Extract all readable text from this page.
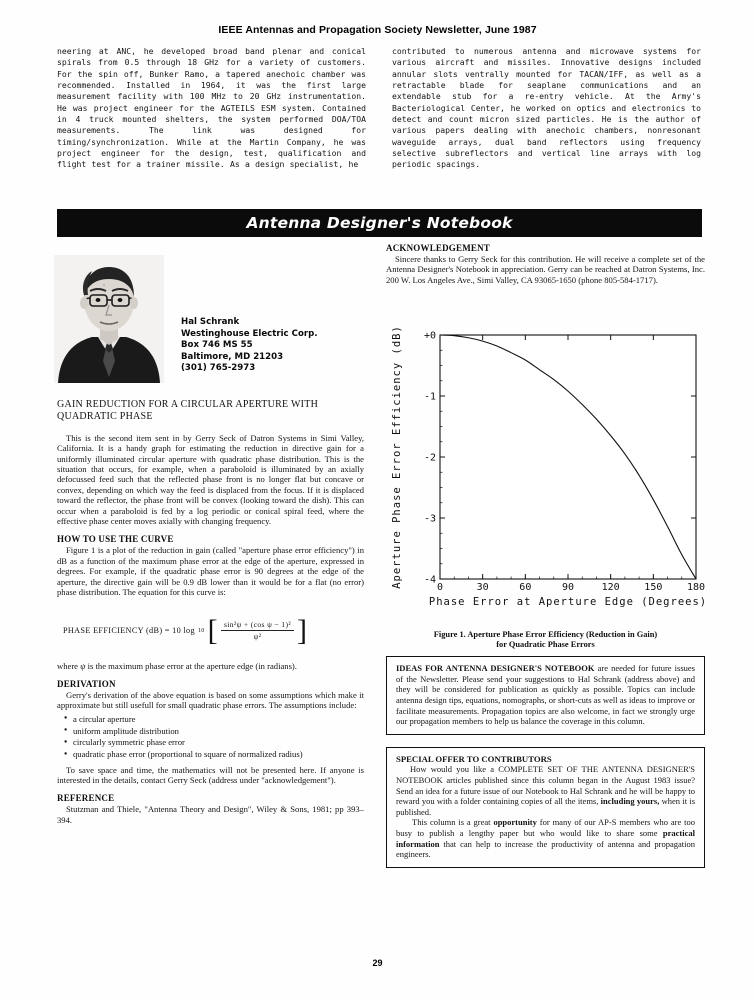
IEEE Antennas and Propagation Society Newsletter, June 1987
neering at ANC, he developed broad band plenar and conical spirals from 0.5 through 18 GHz for a variety of customers. For the spin off, Bunker Ramo, a tapered anechoic chamber was recommended. Installed in 1964, it was the first large measurement facility with 100 MHz to 20 GHz instrumentation. He was project engineer for the AGTEILS ESM system. Contained in 4 truck mounted shelters, the system performed DOA/TOA measurements. The link was designed for timing/synchronization. While at the Martin Company, he was project engineer for the design, test, qualification and flight test for a trainer missile. As a design specialist, he
contributed to numerous antenna and microwave systems for various aircraft and missiles. Innovative designs included annular slots ventrally mounted for TACAN/IFF, as well as a retractable blade for seaplane communications and an extendable stub for a re-entry vehicle. At the Army's Bacteriological Center, he worked on optics and electronics to detect and count micron sized particles. He is the author of various papers dealing with anechoic chambers, nonresonant waveguide arrays, dual band reflectors using frequency selective subreflectors and vertical line arrays with log periodic spacings.
Antenna Designer's Notebook
Hal Schrank
Westinghouse Electric Corp.
Box 746 MS 55
Baltimore, MD 21203
(301) 765-2973
GAIN REDUCTION FOR A CIRCULAR APERTURE WITH
QUADRATIC PHASE

This is the second item sent in by Gerry Seck of Datron Systems in Simi Valley, California. It is a handy graph for estimating the reduction in directive gain for a uniformly illuminated circular aperture with quadratic phase distribution. This is the situation that occurs, for example, when a paraboloid is illuminated by an axially defocussed feed such that the reflected phase front is no longer flat but concave or convex, depending on which way the feed is displaced from the focus. If it is displaced toward the reflector, the phase front will be convex (looking toward the dish). This can occur when a paraboloid is fed by a log periodic or conical spiral feed, where the effective phase center moves axially with changing frequency.

HOW TO USE THE CURVE

Figure 1 is a plot of the reduction in gain (called "aperture phase error efficiency") in dB as a function of the maximum phase error at the edge of the aperture, expressed in degrees. For example, if the quadratic phase error is 90 degrees at the edge of the aperture, the directive gain will be 0.9 dB lower than it would be for a flat (no error) phase distribution. The equation for this curve is:

PHASE EFFICIENCY (dB) = 10 log 10 [ $\frac{\text{sin²ψ + (cos ψ − 1)²}}{\text{ψ²}}$ ]

where ψ is the maximum phase error at the aperture edge (in radians).

DERIVATION

Gerry's derivation of the above equation is based on some assumptions which make it approximate but still usefull for small quadratic phase errors. The assumptions include:

● a circular aperture
● uniform amplitude distribution
● circularly symmetric phase error
● quadratic phase error (proportional to square of normalized radius)

To save space and time, the mathematics will not be presented here. If anyone is interested in the details, contact Gerry Seck (address under "acknowledgement").

REFERENCE

Stutzman and Thiele, "Antenna Theory and Design", Wiley & Sons, 1981; pp 393–394.

ACKNOWLEDGEMENT

Sincere thanks to Gerry Seck for this contribution. He will receive a complete set of the Antenna Designer's Notebook in appreciation. Gerry can be reached at Datron Systems, Inc. 200 W. Los Angeles Ave., Simi Valley, CA 93065-1650 (phone 805-584-1717).

IDEAS FOR ANTENNA DESIGNER'S NOTEBOOK are needed for future issues of the Newsletter. Please send your suggestions to Hal Schrank (address above) and they will be considered for publication as quickly as possible. Topics can include antenna design tips, equations, nomographs, or short-cuts as well as ideas to improve or facilitate measurements. Propagation topics are also welcome, in fact we strongly urge our propagation members to help us balance the coverage in this column.

SPECIAL OFFER TO CONTRIBUTORS

How would you like a COMPLETE SET OF THE ANTENNA DESIGNER'S NOTEBOOK articles published since this column began in the August 1983 issue? Send an idea for a future issue of our Notebook to Hal Schrank and he will be happy to reward you with a folder containing copies of all the items, including yours, when it is published.

This column is a great opportunity for many of our AP-S members who are too busy to publish a lengthy paper but who would like to share some practical information that can help to increase the productivity of antenna and propagation engineers.

0	30	60	90	120 150 180
+0
-1
-2
-3
-4
Phase Error at Aperture Edge (Degrees)
Aperture Phase Error Efficiency (dB)
Figure 1. Aperture Phase Error Efficiency (Reduction in Gain)
for Quadratic Phase Errors
29
